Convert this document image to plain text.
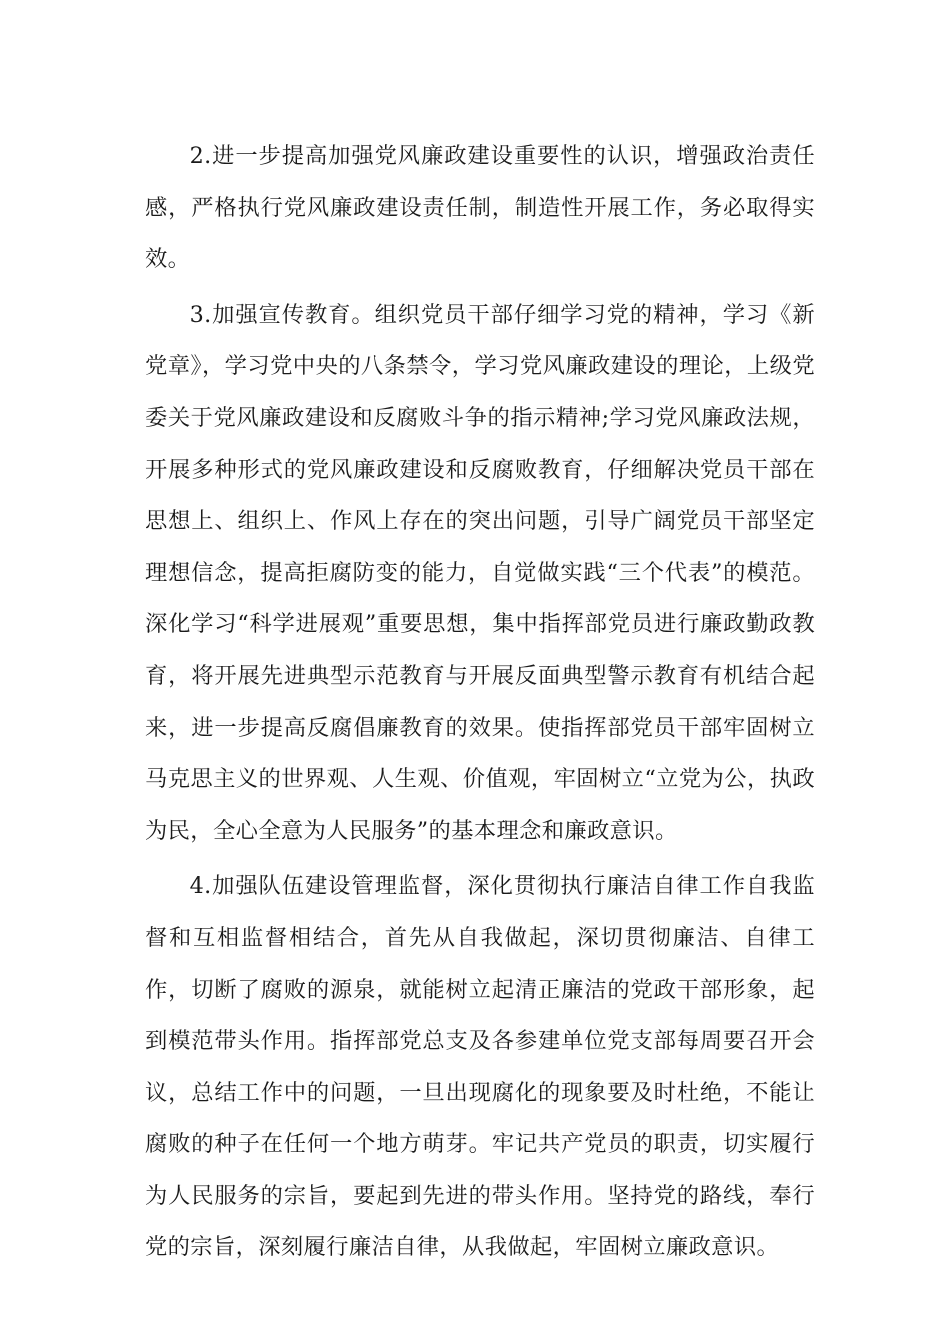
2.进一步提高加强党风廉政建设重要性的认识，增强政治责任感，严格执行党风廉政建设责任制，制造性开展工作，务必取得实效。

3.加强宣传教育。组织党员干部仔细学习党的精神，学习《新党章》，学习党中央的八条禁令，学习党风廉政建设的理论，上级党委关于党风廉政建设和反腐败斗争的指示精神;学习党风廉政法规，开展多种形式的党风廉政建设和反腐败教育，仔细解决党员干部在思想上、组织上、作风上存在的突出问题，引导广阔党员干部坚定理想信念，提高拒腐防变的能力，自觉做实践“三个代表”的模范。深化学习“科学进展观”重要思想，集中指挥部党员进行廉政勤政教育，将开展先进典型示范教育与开展反面典型警示教育有机结合起来，进一步提高反腐倡廉教育的效果。使指挥部党员干部牢固树立马克思主义的世界观、人生观、价值观，牢固树立“立党为公，执政为民，全心全意为人民服务”的基本理念和廉政意识。

4.加强队伍建设管理监督，深化贯彻执行廉洁自律工作自我监督和互相监督相结合，首先从自我做起，深切贯彻廉洁、自律工作，切断了腐败的源泉，就能树立起清正廉洁的党政干部形象，起到模范带头作用。指挥部党总支及各参建单位党支部每周要召开会议，总结工作中的问题，一旦出现腐化的现象要及时杜绝，不能让腐败的种子在任何一个地方萌芽。牢记共产党员的职责，切实履行为人民服务的宗旨，要起到先进的带头作用。坚持党的路线，奉行党的宗旨，深刻履行廉洁自律，从我做起，牢固树立廉政意识。
